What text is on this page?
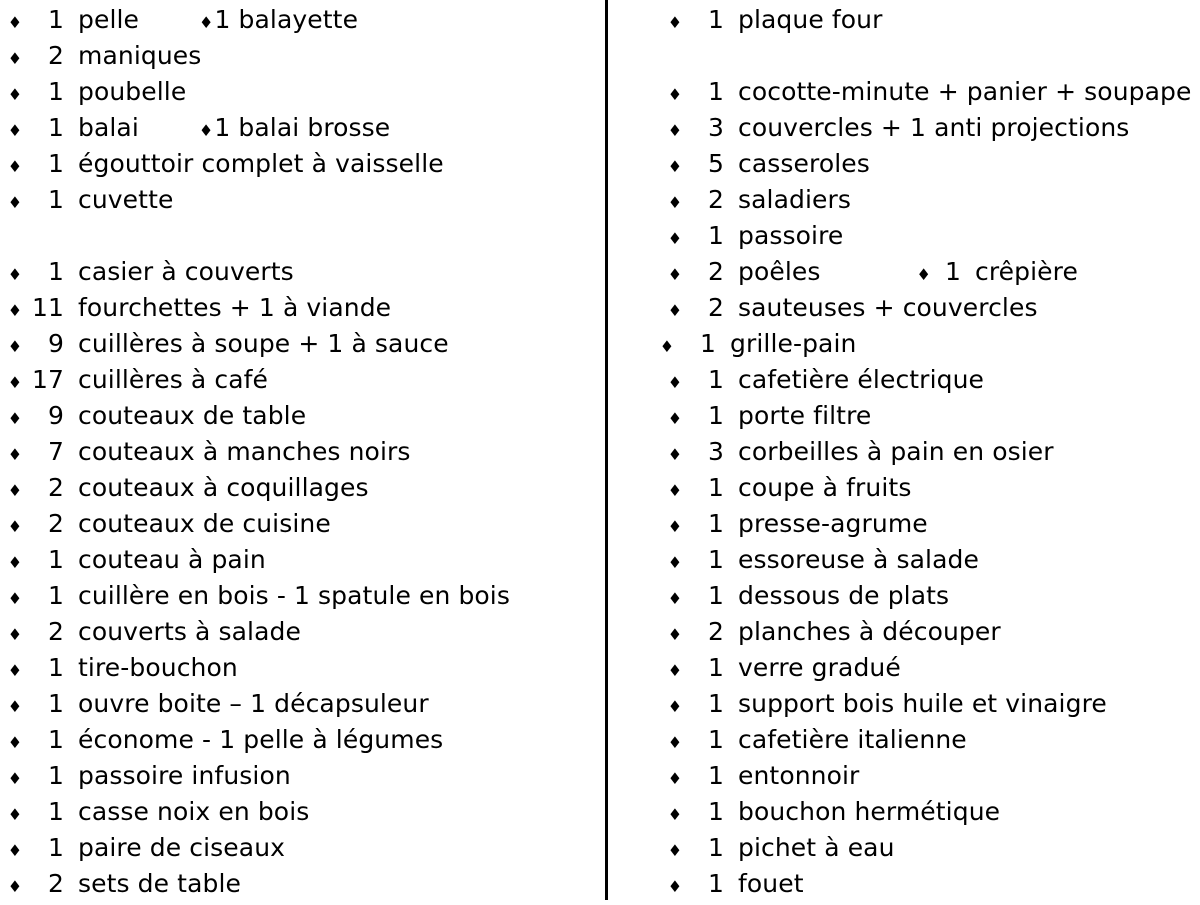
♦	1 pelle	♦ 1 balayette
♦	2 maniques
♦	1 poubelle
♦	1 balai	♦ 1 balai brosse
♦	1 égouttoir complet à vaisselle
♦	1 cuvette
♦	1 casier à couverts
♦ 11 fourchettes + 1 à viande
♦	9 cuillères à soupe + 1 à sauce
♦ 17 cuillères à café
♦	9 couteaux de table
♦	7 couteaux à manches noirs
♦	2 couteaux à coquillages
♦	2 couteaux de cuisine
♦	1 couteau à pain
♦	1 cuillère en bois - 1 spatule en bois
♦	2 couverts à salade
♦	1 tire-bouchon
♦	1 ouvre boite – 1 décapsuleur
♦	1 économe - 1 pelle à légumes
♦	1 passoire infusion
♦	1 casse noix en bois
♦	1 paire de ciseaux
♦	2 sets de table
♦	1 plaque four
♦	1 cocotte-minute + panier + soupape
♦	3 couvercles + 1 anti projections
♦	5 casseroles
♦	2 saladiers
♦	1 passoire
♦	2 poêles	♦ 1 crêpière
♦	2 sauteuses + couvercles
♦	1 grille-pain
♦	1 cafetière électrique
♦	1 porte filtre
♦	3 corbeilles à pain en osier
♦	1 coupe à fruits
♦	1 presse-agrume
♦	1 essoreuse à salade
♦	1 dessous de plats
♦	2 planches à découper
♦	1 verre gradué
♦	1 support bois huile et vinaigre
♦	1 cafetière italienne
♦	1 entonnoir
♦	1 bouchon hermétique
♦	1 pichet à eau
♦	1 fouet
